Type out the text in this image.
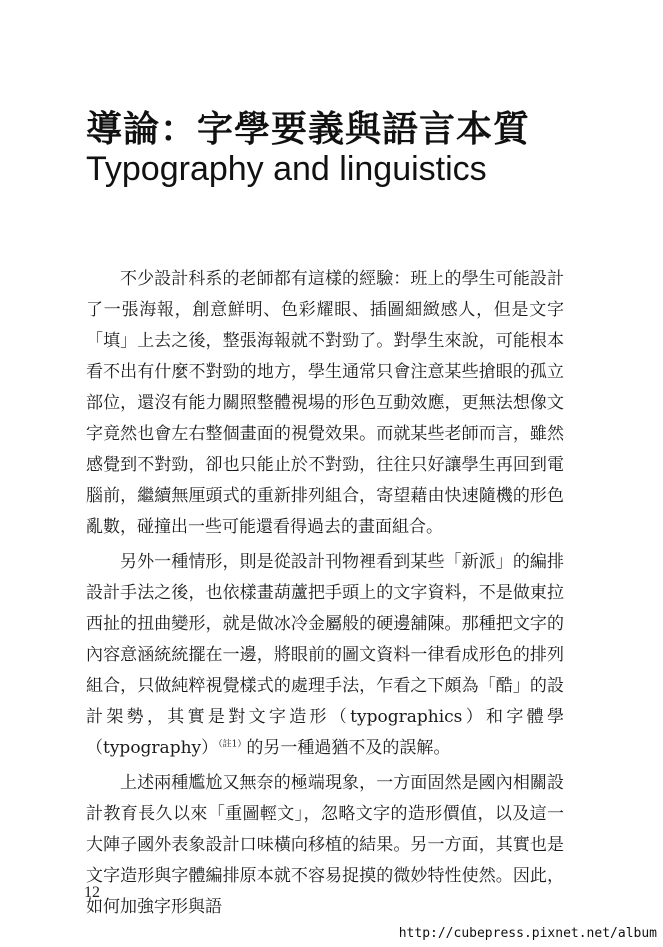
導論：字學要義與語言本質
Typography and linguistics

不少設計科系的老師都有這樣的經驗：班上的學生可能設計了一張海報，創意鮮明、色彩耀眼、插圖細緻感人，但是文字「填」上去之後，整張海報就不對勁了。對學生來說，可能根本看不出有什麼不對勁的地方，學生通常只會注意某些搶眼的孤立部位，還沒有能力關照整體視場的形色互動效應，更無法想像文字竟然也會左右整個畫面的視覺效果。而就某些老師而言，雖然感覺到不對勁，卻也只能止於不對勁，往往只好讓學生再回到電腦前，繼續無厘頭式的重新排列組合，寄望藉由快速隨機的形色亂數，碰撞出一些可能還看得過去的畫面組合。

另外一種情形，則是從設計刊物裡看到某些「新派」的編排設計手法之後，也依樣畫葫蘆把手頭上的文字資料，不是做東拉西扯的扭曲變形，就是做冰冷金屬般的硬邊舖陳。那種把文字的內容意涵統統擺在一邊，將眼前的圖文資料一律看成形色的排列組合，只做純粹視覺樣式的處理手法，乍看之下頗為「酷」的設計架勢，其實是對文字造形（typographics）和字體學（typography）$^{(註1)}$的另一種過猶不及的誤解。

上述兩種尷尬又無奈的極端現象，一方面固然是國內相關設計教育長久以來「重圖輕文」，忽略文字的造形價值，以及這一大陣子國外表象設計口味橫向移植的結果。另一方面，其實也是文字造形與字體編排原本就不容易捉摸的微妙特性使然。因此，如何加強字形與語

12
http://cubepress.pixnet.net/album
